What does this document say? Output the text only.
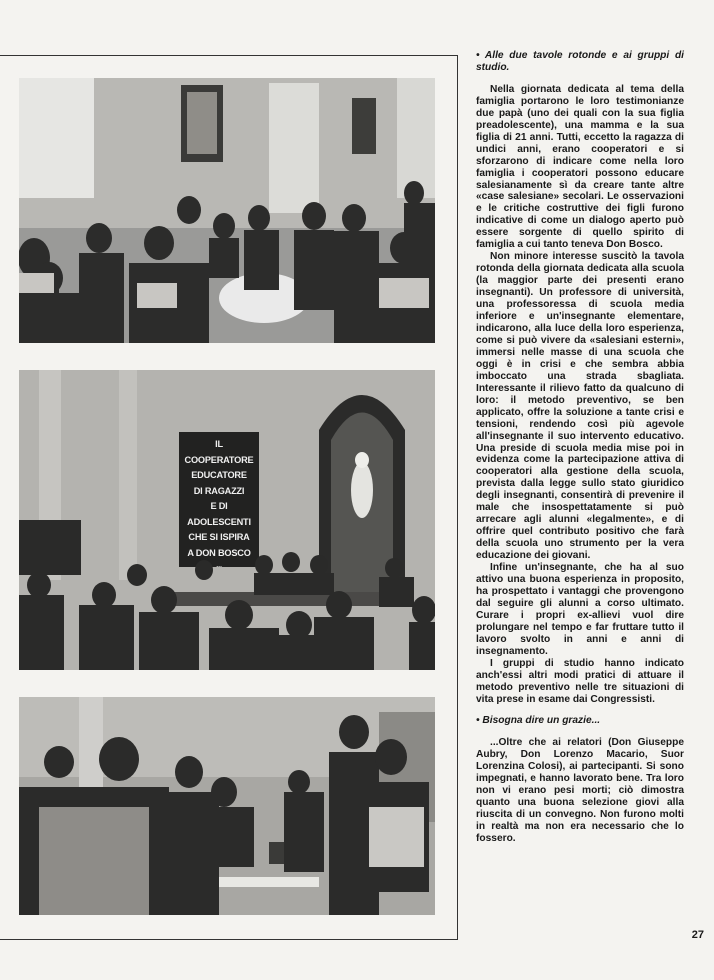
IL COOPERATORE
EDUCATORE
DI RAGAZZI
E DI ADOLESCENTI
CHE SI ISPIRA
A DON BOSCO
…

• Alle due tavole rotonde e ai gruppi di studio.

Nella giornata dedicata al tema della famiglia portarono le loro testimonianze due papà (uno dei quali con la sua figlia preadolescente), una mamma e la sua figlia di 21 anni. Tutti, eccetto la ragazza di undici anni, erano cooperatori e si sforzarono di indicare come nella loro famiglia i cooperatori possono educare salesianamente sì da creare tante altre «case salesiane» secolari. Le osservazioni e le critiche costruttive dei figli furono indicative di come un dialogo aperto può essere sorgente di quello spirito di famiglia a cui tanto teneva Don Bosco.

Non minore interesse suscitò la tavola rotonda della giornata dedicata alla scuola (la maggior parte dei presenti erano insegnanti). Un professore di università, una professoressa di scuola media inferiore e un'insegnante elementare, indicarono, alla luce della loro esperienza, come si può vivere da «salesiani esterni», immersi nelle masse di una scuola che oggi è in crisi e che sembra abbia imboccato una strada sbagliata. Interessante il rilievo fatto da qualcuno di loro: il metodo preventivo, se ben applicato, offre la soluzione a tante crisi e tensioni, rendendo così più agevole all'insegnante il suo intervento educativo. Una preside di scuola media mise poi in evidenza come la partecipazione attiva di cooperatori alla gestione della scuola, prevista dalla legge sullo stato giuridico degli insegnanti, consentirà di prevenire il male che insospettatamente si può arrecare agli alunni «legalmente», e di offrire quel contributo positivo che farà della scuola uno strumento per la vera educazione dei giovani.

Infine un'insegnante, che ha al suo attivo una buona esperienza in proposito, ha prospettato i vantaggi che provengono dal seguire gli alunni a corso ultimato. Curare i propri ex-allievi vuol dire prolungare nel tempo e far fruttare tutto il lavoro svolto in anni e anni di insegnamento.

I gruppi di studio hanno indicato anch'essi altri modi pratici di attuare il metodo preventivo nelle tre situazioni di vita prese in esame dai Congressisti.

• Bisogna dire un grazie...

...Oltre che ai relatori (Don Giuseppe Aubry, Don Lorenzo Macario, Suor Lorenzina Colosi), ai partecipanti. Si sono impegnati, e hanno lavorato bene. Tra loro non vi erano pesi morti; ciò dimostra quanto una buona selezione giovi alla riuscita di un convegno. Non furono molti in realtà ma non era necessario che lo fossero.

27
